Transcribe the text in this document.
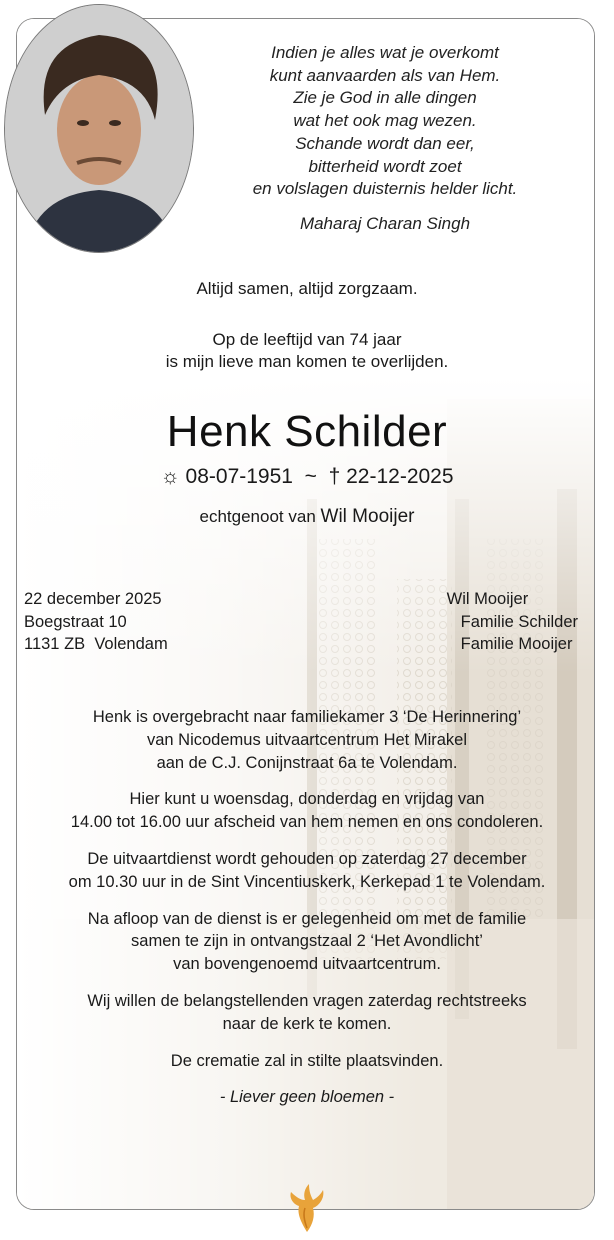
Indien je alles wat je overkomt
kunt aanvaarden als van Hem.
Zie je God in alle dingen
wat het ook mag wezen.
Schande wordt dan eer,
bitterheid wordt zoet
en volslagen duisternis helder licht.
Maharaj Charan Singh
Altijd samen, altijd zorgzaam.
Op de leeftijd van 74 jaar
is mijn lieve man komen te overlijden.
Henk Schilder
☼ 08-07-1951 ~ † 22-12-2025
echtgenoot van Wil Mooijer
22 december 2025
Boegstraat 10
1131 ZB  Volendam
Wil Mooijer
Familie Schilder
Familie Mooijer

Henk is overgebracht naar familiekamer 3 ‘De Herinnering’
van Nicodemus uitvaartcentrum Het Mirakel
aan de C.J. Conijnstraat 6a te Volendam.

Hier kunt u woensdag, donderdag en vrijdag van
14.00 tot 16.00 uur afscheid van hem nemen en ons condoleren.

De uitvaartdienst wordt gehouden op zaterdag 27 december
om 10.30 uur in de Sint Vincentiuskerk, Kerkepad 1 te Volendam.

Na afloop van de dienst is er gelegenheid om met de familie
samen te zijn in ontvangstzaal 2 ‘Het Avondlicht’
van bovengenoemd uitvaartcentrum.

Wij willen de belangstellenden vragen zaterdag rechtstreeks
naar de kerk te komen.

De crematie zal in stilte plaatsvinden.

- Liever geen bloemen -
